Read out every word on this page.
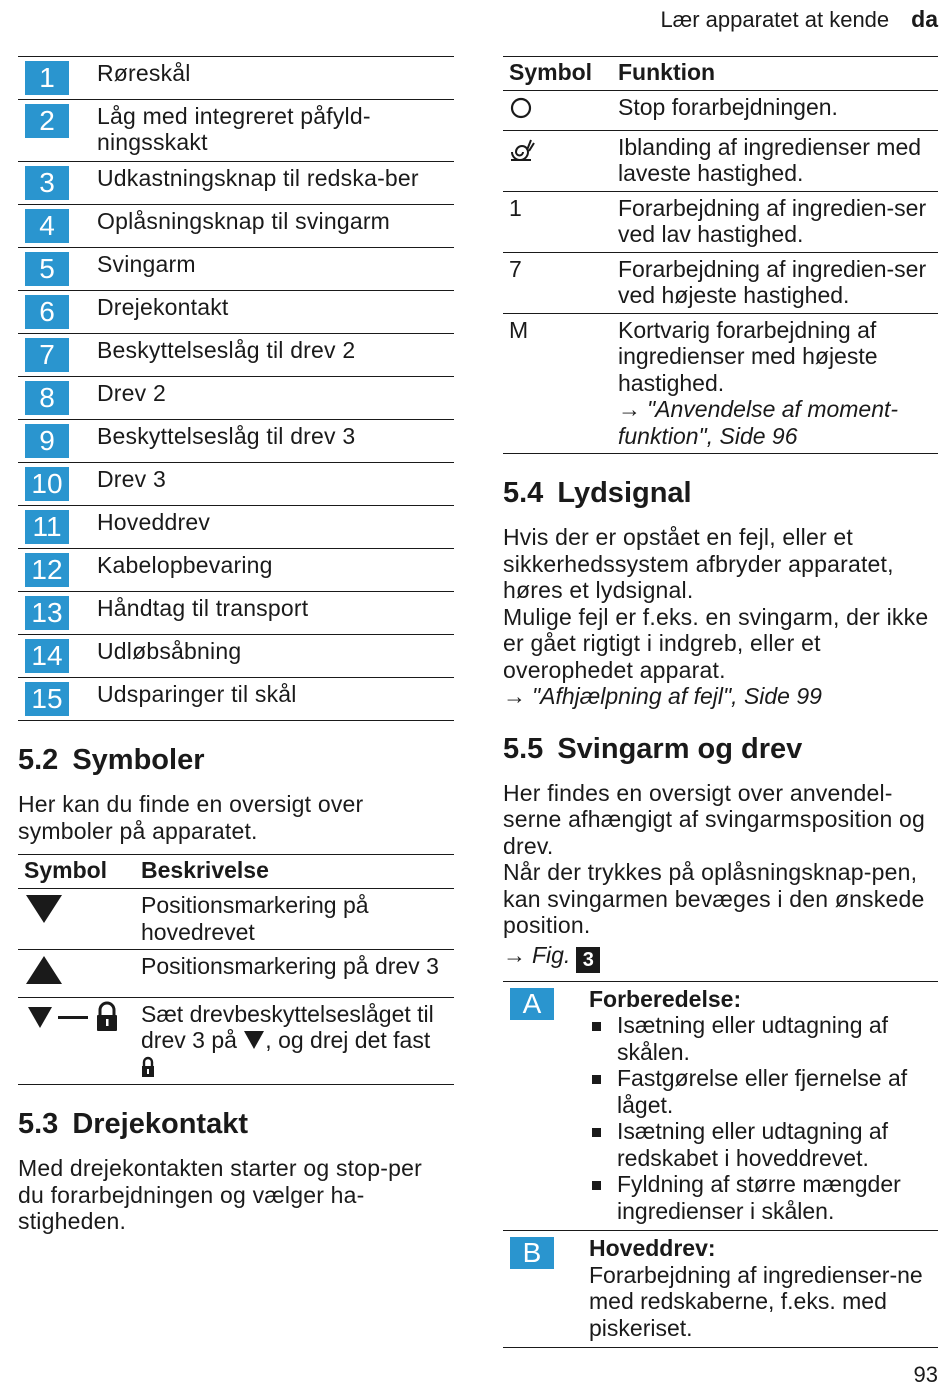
Lær apparatet at kende da
1	Røreskål
2	Låg med integreret påfyld-ningsskakt
3	Udkastningsknap til redska-ber
4	Oplåsningsknap til svingarm
5	Svingarm
6	Drejekontakt
7	Beskyttelseslåg til drev 2
8	Drev 2
9	Beskyttelseslåg til drev 3
10	Drev 3
11	Hoveddrev
12	Kabelopbevaring
13	Håndtag til transport
14	Udløbsåbning
15	Udsparinger til skål
5.2 Symboler

Her kan du finde en oversigt over symboler på apparatet.

Symbol	Beskrivelse
	Positionsmarkering på hovedrevet
	Positionsmarkering på drev 3
	Sæt drevbeskyttelseslåget til drev 3 på , og drej det fast
5.3 Drejekontakt

Med drejekontakten starter og stop-per du forarbejdningen og vælger ha-stigheden.

Symbol	Funktion
	Stop forarbejdningen.
	Iblanding af ingredienser med laveste hastighed.
1	Forarbejdning af ingredien-ser ved lav hastighed.
7	Forarbejdning af ingredien-ser ved højeste hastighed.
M	Kortvarig forarbejdning af ingredienser med højeste hastighed.
→ "Anvendelse af moment-funktion", Side 96
5.4 Lydsignal

Hvis der er opstået en fejl, eller et sikkerhedssystem afbryder apparatet, høres et lydsignal.

Mulige fejl er f.eks. en svingarm, der ikke er gået rigtigt i indgreb, eller et overophedet apparat.

→ "Afhjælpning af fejl", Side 99
5.5 Svingarm og drev

Her findes en oversigt over anvendel-serne afhængigt af svingarmsposition og drev.

Når der trykkes på oplåsningsknap-pen, kan svingarmen bevæges i den ønskede position.

→ Fig. 3
A	Forberedelse:
Isætning eller udtagning af skålen.
Fastgørelse eller fjernelse af låget.
Isætning eller udtagning af redskabet i hoveddrevet.
Fyldning af større mængder ingredienser i skålen.
B	Hoveddrev:
Forarbejdning af ingredienser-ne med redskaberne, f.eks. med piskeriset.
93
